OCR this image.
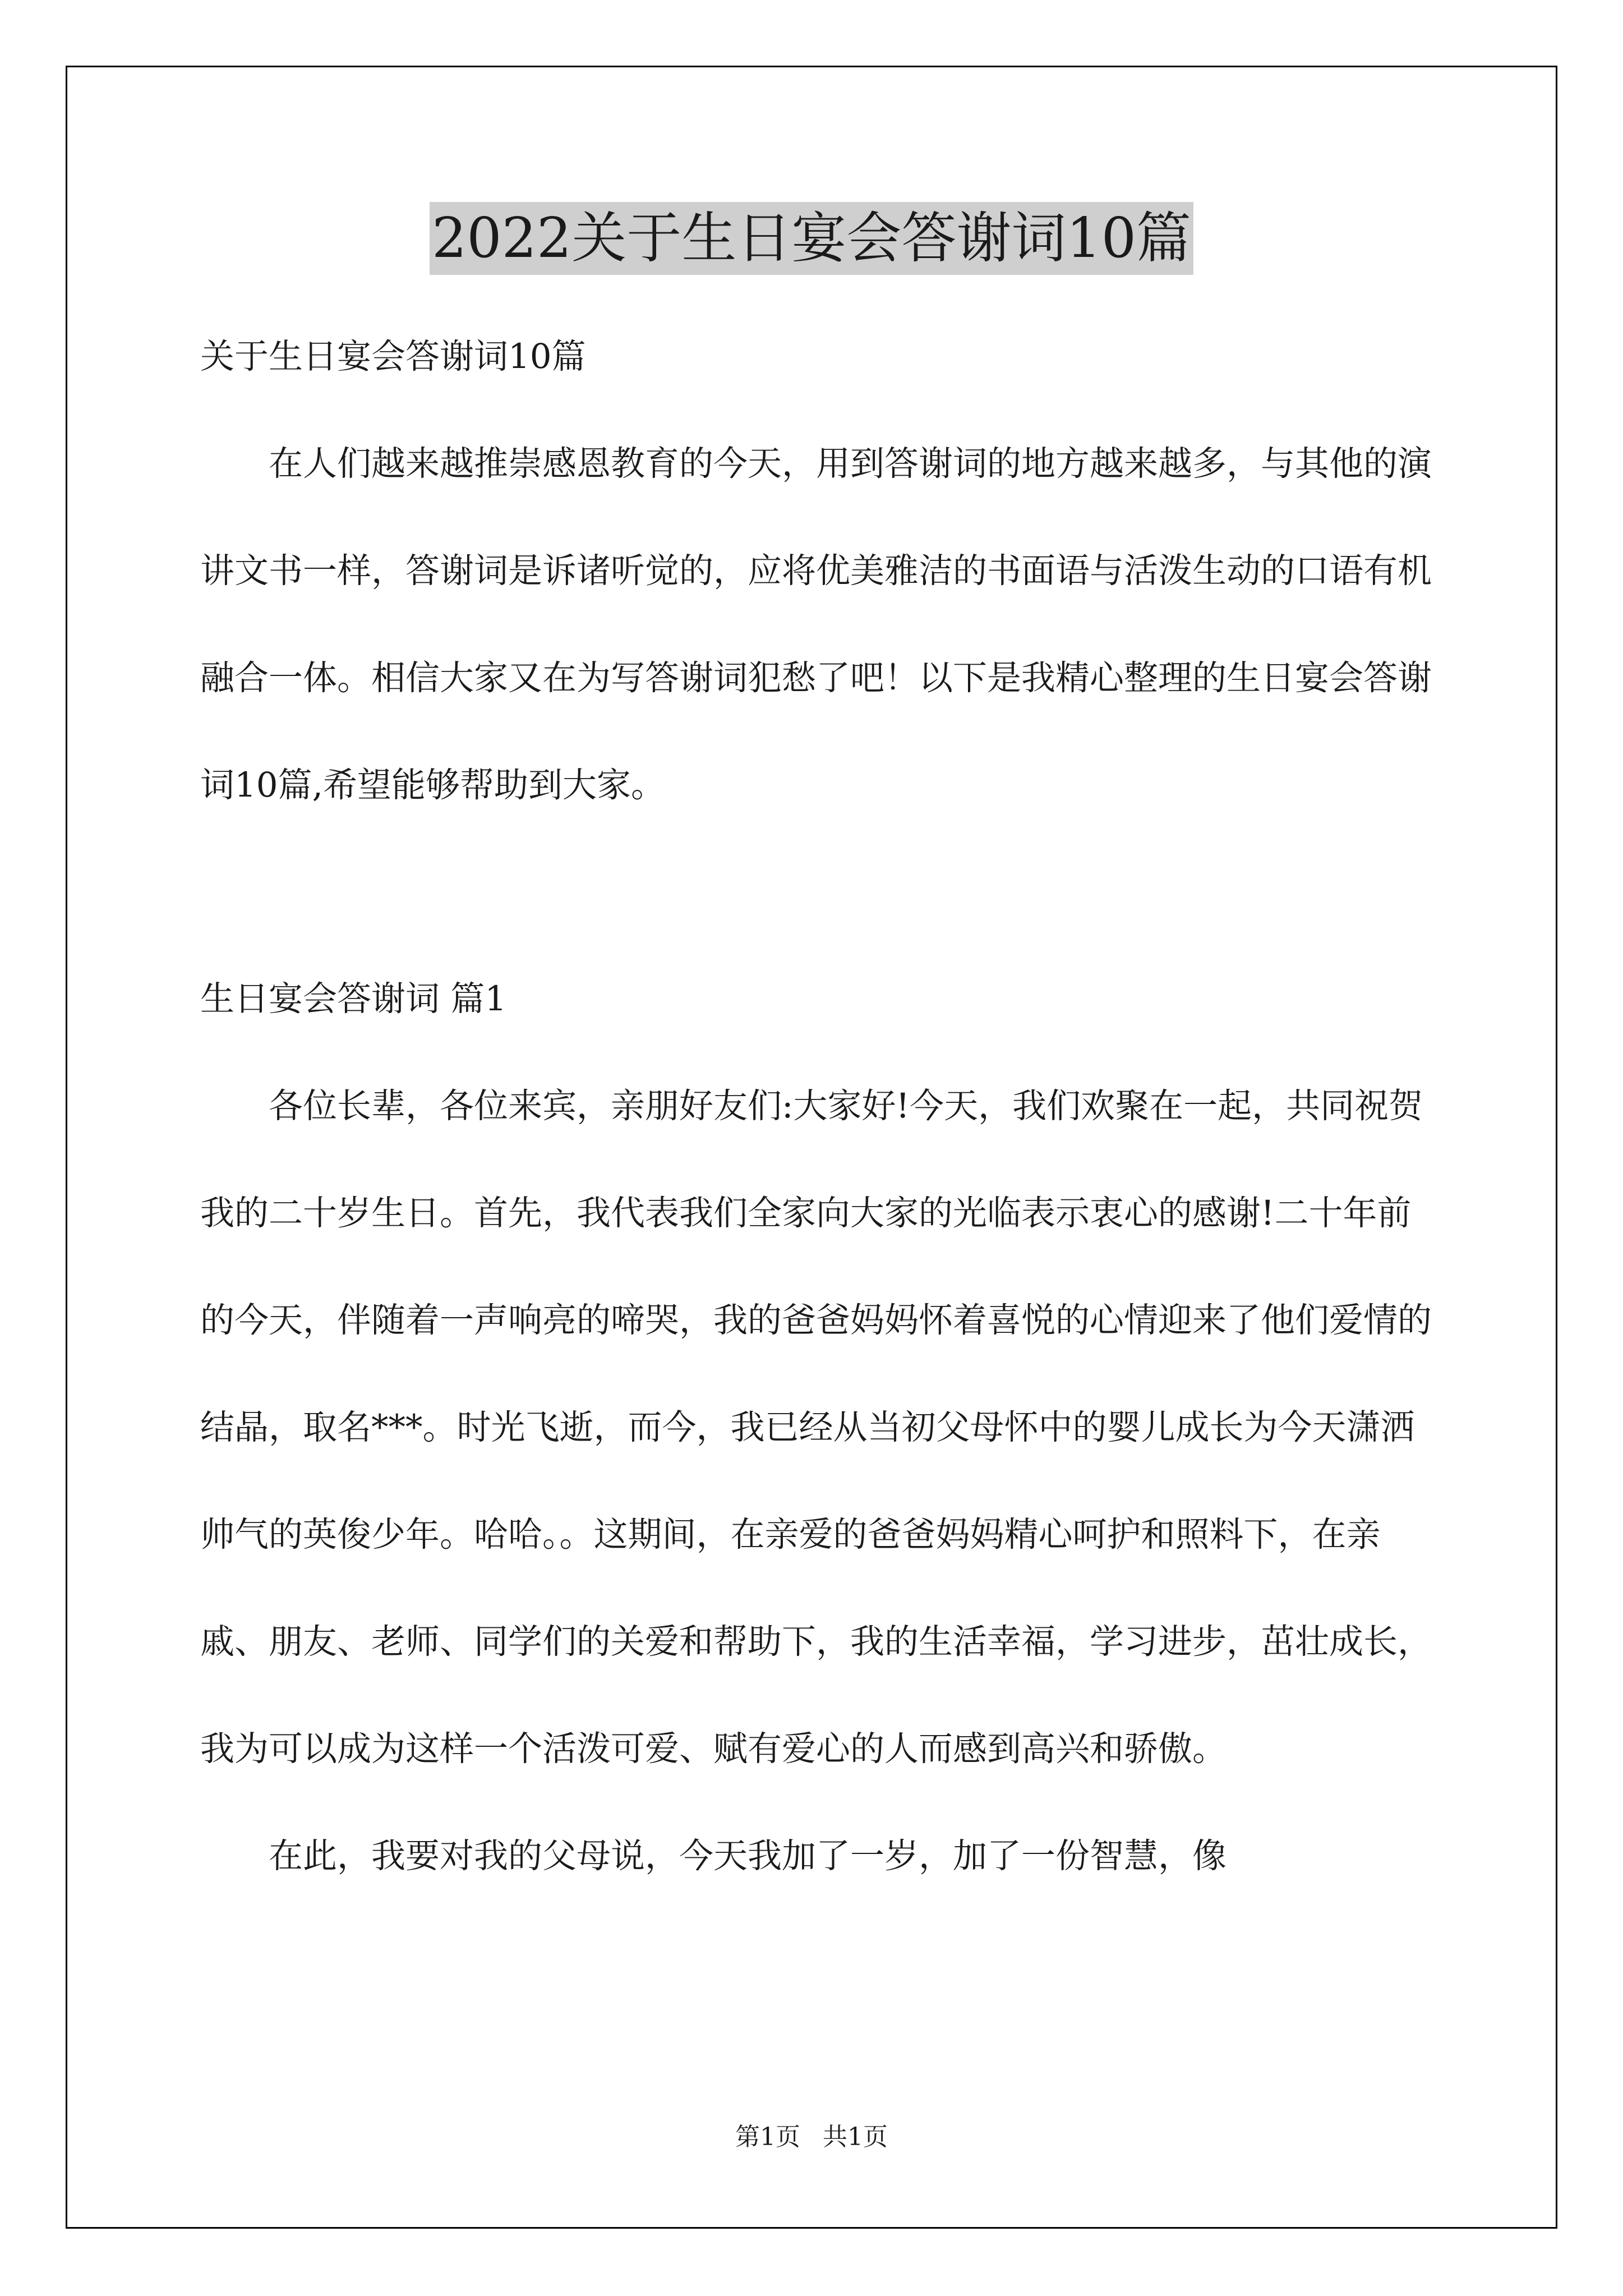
2022关于生日宴会答谢词10篇

关于生日宴会答谢词10篇

在人们越来越推崇感恩教育的今天，用到答谢词的地方越来越多，与其他的演讲文书一样，答谢词是诉诸听觉的，应将优美雅洁的书面语与活泼生动的口语有机融合一体。相信大家又在为写答谢词犯愁了吧！以下是我精心整理的生日宴会答谢词10篇,希望能够帮助到大家。

生日宴会答谢词 篇1

各位长辈，各位来宾，亲朋好友们:大家好!今天，我们欢聚在一起，共同祝贺我的二十岁生日。首先，我代表我们全家向大家的光临表示衷心的感谢!二十年前的今天，伴随着一声响亮的啼哭，我的爸爸妈妈怀着喜悦的心情迎来了他们爱情的结晶，取名***。时光飞逝，而今，我已经从当初父母怀中的婴儿成长为今天潇洒帅气的英俊少年。哈哈。。这期间，在亲爱的爸爸妈妈精心呵护和照料下，在亲戚、朋友、老师、同学们的关爱和帮助下，我的生活幸福，学习进步，茁壮成长，我为可以成为这样一个活泼可爱、赋有爱心的人而感到高兴和骄傲。

在此，我要对我的父母说，今天我加了一岁，加了一份智慧，像

第1页 共1页
